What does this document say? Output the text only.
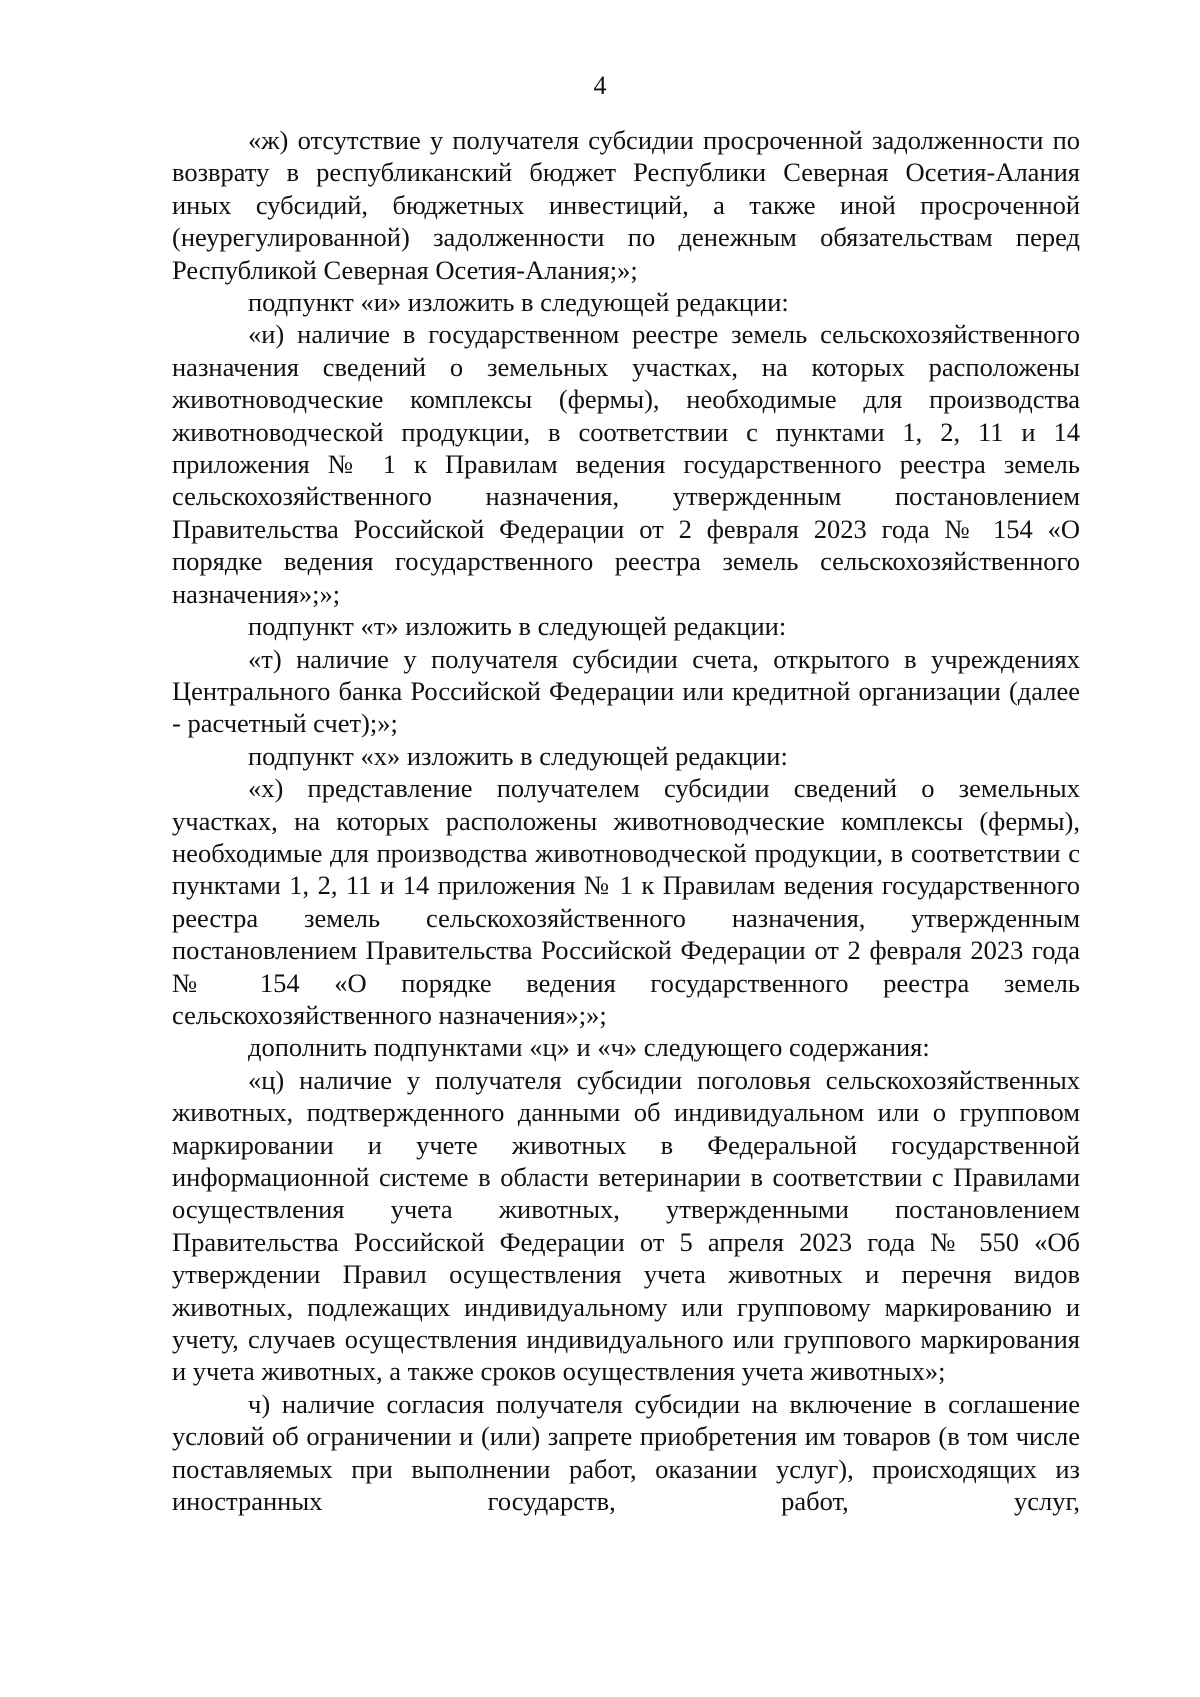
4

«ж) отсутствие у получателя субсидии просроченной задолженности по возврату в республиканский бюджет Республики Северная Осетия-Алания иных субсидий, бюджетных инвестиций, а также иной просроченной (неурегулированной) задолженности по денежным обязательствам перед Республикой Северная Осетия-Алания;»;

подпункт «и» изложить в следующей редакции:

«и) наличие в государственном реестре земель сельскохозяйственного назначения сведений о земельных участках, на которых расположены животноводческие комплексы (фермы), необходимые для производства животноводческой продукции, в соответствии с пунктами 1, 2, 11 и 14 приложения № 1 к Правилам ведения государственного реестра земель сельскохозяйственного назначения, утвержденным постановлением Правительства Российской Федерации от 2 февраля 2023 года № 154 «О порядке ведения государственного реестра земель сельскохозяйственного назначения»;»;

подпункт «т» изложить в следующей редакции:

«т) наличие у получателя субсидии счета, открытого в учреждениях Центрального банка Российской Федерации или кредитной организации (далее - расчетный счет);»;

подпункт «х» изложить в следующей редакции:

«х) представление получателем субсидии сведений о земельных участках, на которых расположены животноводческие комплексы (фермы), необходимые для производства животноводческой продукции, в соответствии с пунктами 1, 2, 11 и 14 приложения № 1 к Правилам ведения государственного реестра земель сельскохозяйственного назначения, утвержденным постановлением Правительства Российской Федерации от 2 февраля 2023 года № 154 «О порядке ведения государственного реестра земель сельскохозяйственного назначения»;»;

дополнить подпунктами «ц» и «ч» следующего содержания:

«ц) наличие у получателя субсидии поголовья сельскохозяйственных животных, подтвержденного данными об индивидуальном или о групповом маркировании и учете животных в Федеральной государственной информационной системе в области ветеринарии в соответствии с Правилами осуществления учета животных, утвержденными постановлением Правительства Российской Федерации от 5 апреля 2023 года № 550 «Об утверждении Правил осуществления учета животных и перечня видов животных, подлежащих индивидуальному или групповому маркированию и учету, случаев осуществления индивидуального или группового маркирования и учета животных, а также сроков осуществления учета животных»;

ч) наличие согласия получателя субсидии на включение в соглашение условий об ограничении и (или) запрете приобретения им товаров (в том числе поставляемых при выполнении работ, оказании услуг), происходящих из иностранных государств, работ, услуг,
